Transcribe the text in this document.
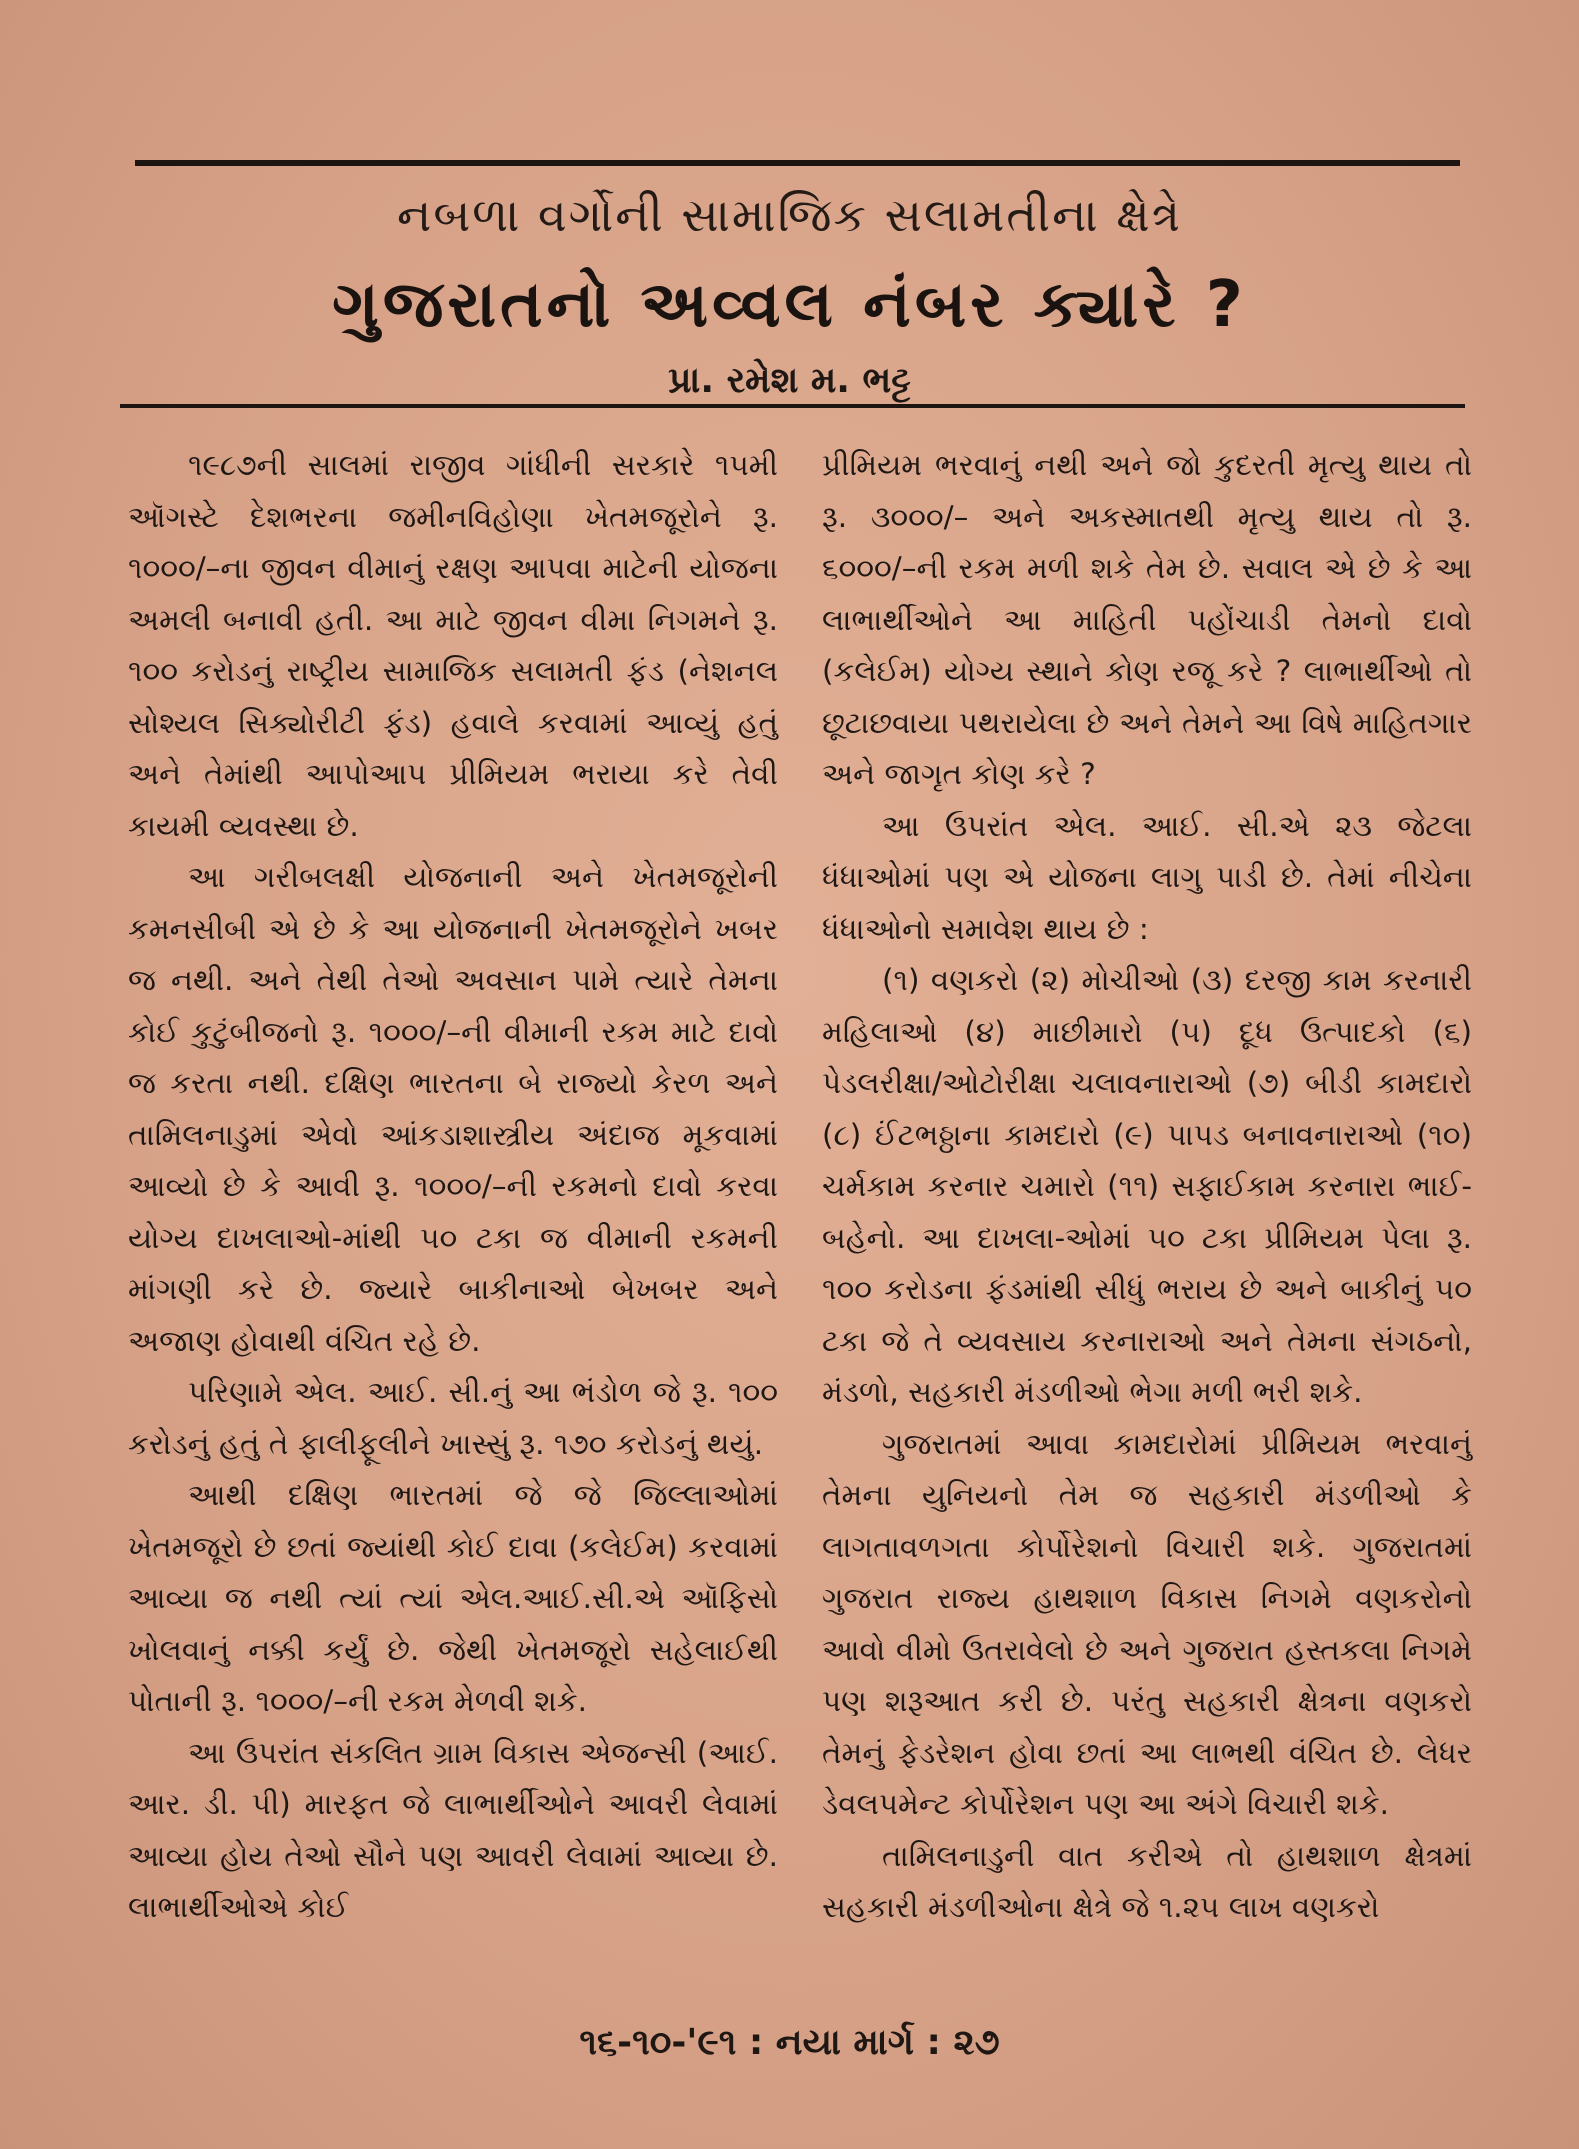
નબળા વર્ગોની સામાજિક સલામતીના ક્ષેત્રે
ગુજરાતનો અવ્વલ નંબર ક્યારે ?
પ્રા. રમેશ મ. ભટ્ટ

૧૯૮૭ની સાલમાં રાજીવ ગાંધીની સરકારે ૧૫મી ઑગસ્ટે દેશભરના જમીનવિહોણા ખેતમજૂરોને રૂ. ૧૦૦૦/–ના જીવન વીમાનું રક્ષણ આપવા માટેની યોજના અમલી બનાવી હતી. આ માટે જીવન વીમા નિગમને રૂ. ૧૦૦ કરોડનું રાષ્ટ્રીય સામાજિક સલામતી ફંડ (નેશનલ સોશ્યલ સિક્યોરીટી ફંડ) હવાલે કરવામાં આવ્યું હતું અને તેમાંથી આપોઆપ પ્રીમિયમ ભરાયા કરે તેવી કાયમી વ્યવસ્થા છે.

આ ગરીબલક્ષી યોજનાની અને ખેતમજૂરોની કમનસીબી એ છે કે આ યોજનાની ખેતમજૂરોને ખબર જ નથી. અને તેથી તેઓ અવસાન પામે ત્યારે તેમના કોઈ કુટુંબીજનો રૂ. ૧૦૦૦/–ની વીમાની રકમ માટે દાવો જ કરતા નથી. દક્ષિણ ભારતના બે રાજ્યો કેરળ અને તામિલનાડુમાં એવો આંકડાશાસ્ત્રીય અંદાજ મૂકવામાં આવ્યો છે કે આવી રૂ. ૧૦૦૦/–ની રકમનો દાવો કરવા યોગ્ય દાખલાઓ-માંથી ૫૦ ટકા જ વીમાની રકમની માંગણી કરે છે. જ્યારે બાકીનાઓ બેખબર અને અજાણ હોવાથી વંચિત રહે છે.

પરિણામે એલ. આઈ. સી.નું આ ભંડોળ જે રૂ. ૧૦૦ કરોડનું હતું તે ફાલીફૂલીને ખાસ્સું રૂ. ૧૭૦ કરોડનું થયું.

આથી દક્ષિણ ભારતમાં જે જે જિલ્લાઓમાં ખેતમજૂરો છે છતાં જ્યાંથી કોઈ દાવા (કલેઈમ) કરવામાં આવ્યા જ નથી ત્યાં ત્યાં એલ.આઈ.સી.એ ઑફિસો ખોલવાનું નક્કી કર્યું છે. જેથી ખેતમજૂરો સહેલાઈથી પોતાની રૂ. ૧૦૦૦/–ની રકમ મેળવી શકે.

આ ઉપરાંત સંકલિત ગ્રામ વિકાસ એજન્સી (આઈ. આર. ડી. પી) મારફત જે લાભાર્થીઓને આવરી લેવામાં આવ્યા હોય તેઓ સૌને પણ આવરી લેવામાં આવ્યા છે. લાભાર્થીઓએ કોઈ

પ્રીમિયમ ભરવાનું નથી અને જો કુદરતી મૃત્યુ થાય તો રૂ. ૩૦૦૦/– અને અકસ્માતથી મૃત્યુ થાય તો રૂ. ૬૦૦૦/–ની રકમ મળી શકે તેમ છે. સવાલ એ છે કે આ લાભાર્થીઓને આ માહિતી પહોંચાડી તેમનો દાવો (કલેઈમ) યોગ્ય સ્થાને કોણ રજૂ કરે ? લાભાર્થીઓ તો છૂટાછવાયા પથરાયેલા છે અને તેમને આ વિષે માહિતગાર અને જાગૃત કોણ કરે ?

આ ઉપરાંત એલ. આઈ. સી.એ ૨૩ જેટલા ધંધાઓમાં પણ એ યોજના લાગુ પાડી છે. તેમાં નીચેના ધંધાઓનો સમાવેશ થાય છે :

(૧) વણકરો (૨) મોચીઓ (૩) દરજી કામ કરનારી મહિલાઓ (૪) માછીમારો (૫) દૂધ ઉત્પાદકો (૬) પેડલરીક્ષા/ઓટોરીક્ષા ચલાવનારાઓ (૭) બીડી કામદારો (૮) ઈંટભઠ્ઠાના કામદારો (૯) પાપડ બનાવનારાઓ (૧૦) ચર્મકામ કરનાર ચમારો (૧૧) સફાઈકામ કરનારા ભાઈ-બહેનો. આ દાખલા-ઓમાં ૫૦ ટકા પ્રીમિયમ પેલા રૂ. ૧૦૦ કરોડના ફંડમાંથી સીધું ભરાય છે અને બાકીનું ૫૦ ટકા જે તે વ્યવસાય કરનારાઓ અને તેમના સંગઠનો, મંડળો, સહકારી મંડળીઓ ભેગા મળી ભરી શકે.

ગુજરાતમાં આવા કામદારોમાં પ્રીમિયમ ભરવાનું તેમના યુનિયનો તેમ જ સહકારી મંડળીઓ કે લાગતાવળગતા કોર્પોરેશનો વિચારી શકે. ગુજરાતમાં ગુજરાત રાજ્ય હાથશાળ વિકાસ નિગમે વણકરોનો આવો વીમો ઉતરાવેલો છે અને ગુજરાત હસ્તકલા નિગમે પણ શરૂઆત કરી છે. પરંતુ સહકારી ક્ષેત્રના વણકરો તેમનું ફેડરેશન હોવા છતાં આ લાભથી વંચિત છે. લેધર ડેવલપમેન્ટ કોર્પોરેશન પણ આ અંગે વિચારી શકે.

તામિલનાડુની વાત કરીએ તો હાથશાળ ક્ષેત્રમાં સહકારી મંડળીઓના ક્ષેત્રે જે ૧.૨૫ લાખ વણકરો

૧૬-૧૦-'૯૧ : નયા માર્ગ : ૨૭
